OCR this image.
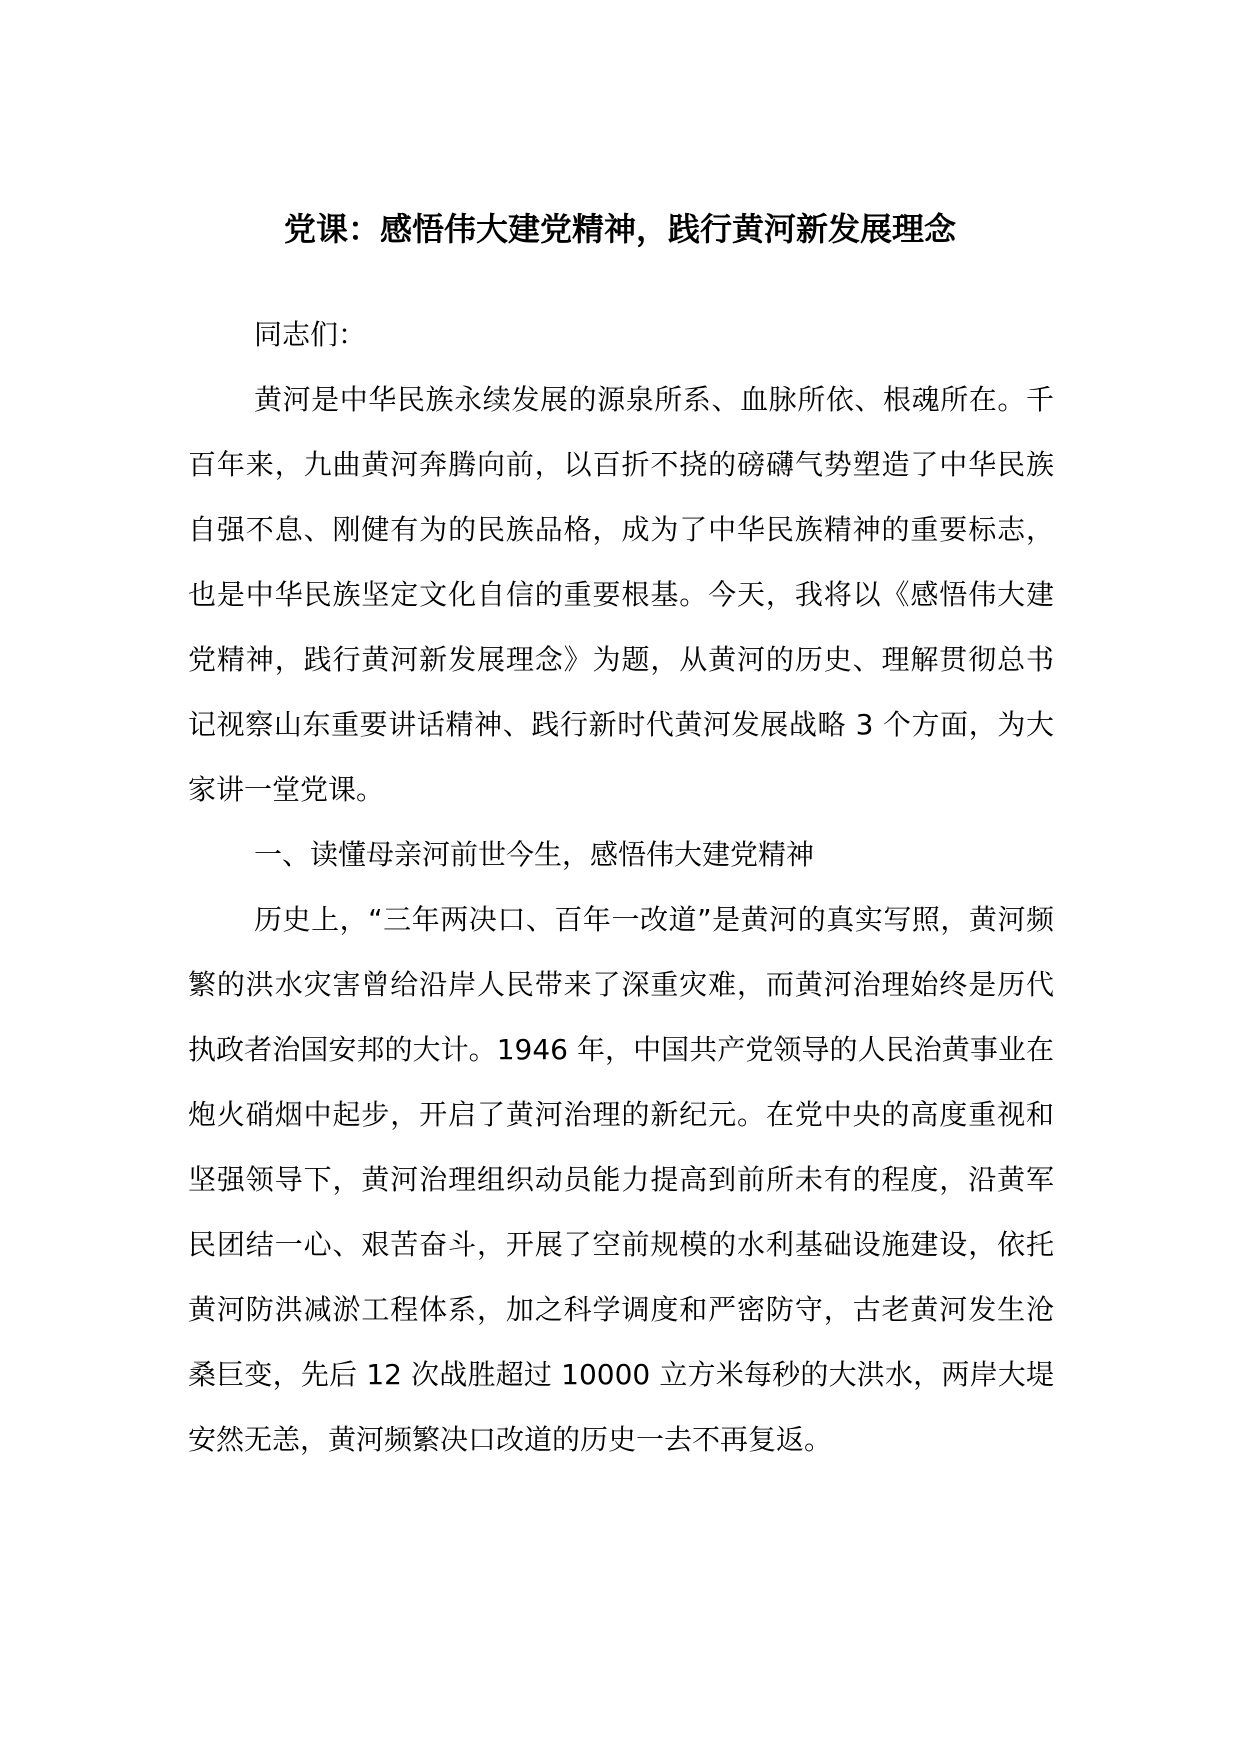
党课：感悟伟大建党精神，践行黄河新发展理念

同志们：

黄河是中华民族永续发展的源泉所系、血脉所依、根魂所在。千百年来，九曲黄河奔腾向前，以百折不挠的磅礴气势塑造了中华民族自强不息、刚健有为的民族品格，成为了中华民族精神的重要标志，也是中华民族坚定文化自信的重要根基。今天，我将以《感悟伟大建党精神，践行黄河新发展理念》为题，从黄河的历史、理解贯彻总书记视察山东重要讲话精神、践行新时代黄河发展战略 3 个方面，为大家讲一堂党课。

一、读懂母亲河前世今生，感悟伟大建党精神

历史上，“三年两决口、百年一改道”是黄河的真实写照，黄河频繁的洪水灾害曾给沿岸人民带来了深重灾难，而黄河治理始终是历代执政者治国安邦的大计。1946 年，中国共产党领导的人民治黄事业在炮火硝烟中起步，开启了黄河治理的新纪元。在党中央的高度重视和坚强领导下，黄河治理组织动员能力提高到前所未有的程度，沿黄军民团结一心、艰苦奋斗，开展了空前规模的水利基础设施建设，依托黄河防洪减淤工程体系，加之科学调度和严密防守，古老黄河发生沧桑巨变，先后 12 次战胜超过 10000 立方米每秒的大洪水，两岸大堤安然无恙，黄河频繁决口改道的历史一去不再复返。
